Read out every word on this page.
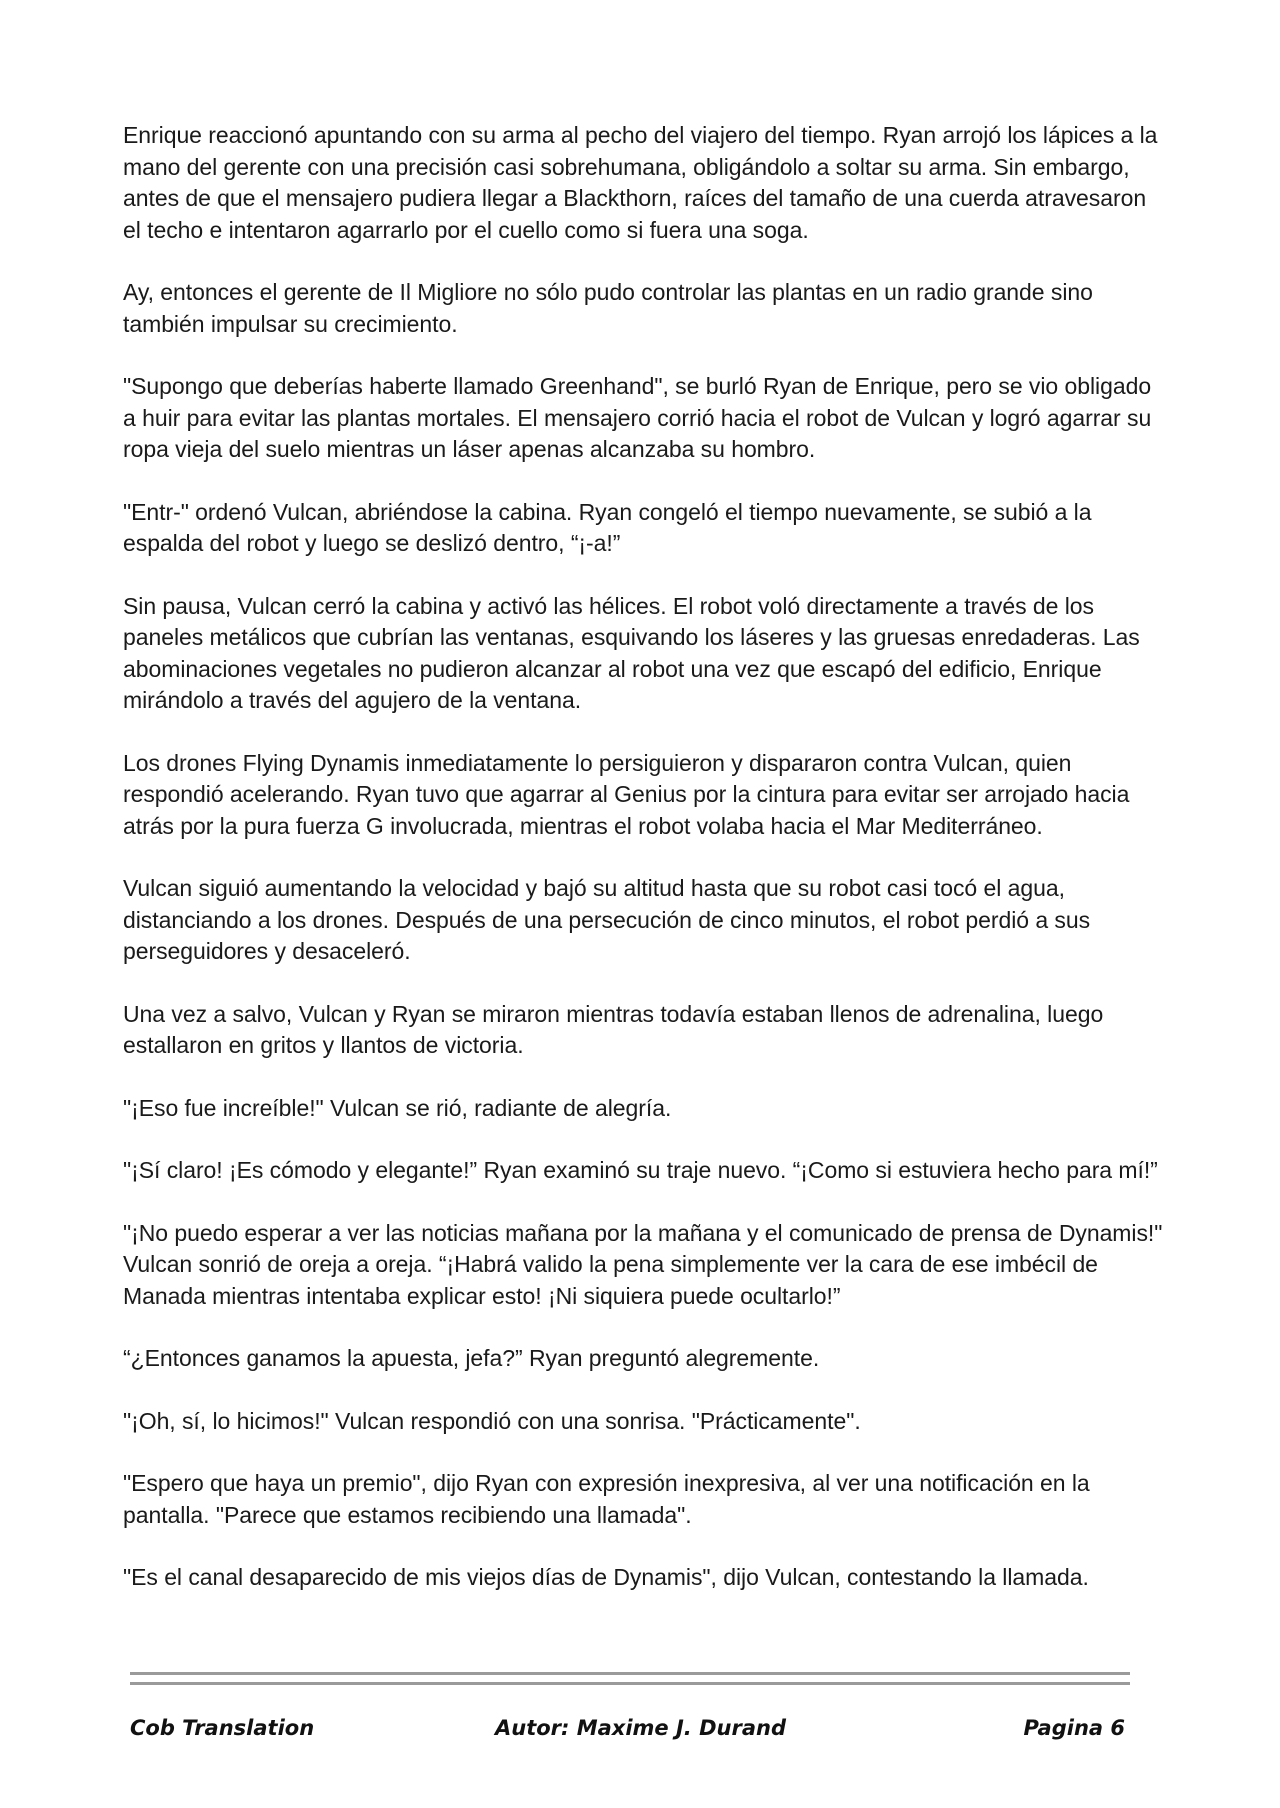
Enrique reaccionó apuntando con su arma al pecho del viajero del tiempo. Ryan arrojó los lápices a la mano del gerente con una precisión casi sobrehumana, obligándolo a soltar su arma. Sin embargo, antes de que el mensajero pudiera llegar a Blackthorn, raíces del tamaño de una cuerda atravesaron el techo e intentaron agarrarlo por el cuello como si fuera una soga.

Ay, entonces el gerente de Il Migliore no sólo pudo controlar las plantas en un radio grande sino también impulsar su crecimiento.

"Supongo que deberías haberte llamado Greenhand", se burló Ryan de Enrique, pero se vio obligado a huir para evitar las plantas mortales. El mensajero corrió hacia el robot de Vulcan y logró agarrar su ropa vieja del suelo mientras un láser apenas alcanzaba su hombro.

"Entr-" ordenó Vulcan, abriéndose la cabina. Ryan congeló el tiempo nuevamente, se subió a la espalda del robot y luego se deslizó dentro, “¡-a!”

Sin pausa, Vulcan cerró la cabina y activó las hélices. El robot voló directamente a través de los paneles metálicos que cubrían las ventanas, esquivando los láseres y las gruesas enredaderas. Las abominaciones vegetales no pudieron alcanzar al robot una vez que escapó del edificio, Enrique mirándolo a través del agujero de la ventana.

Los drones Flying Dynamis inmediatamente lo persiguieron y dispararon contra Vulcan, quien respondió acelerando. Ryan tuvo que agarrar al Genius por la cintura para evitar ser arrojado hacia atrás por la pura fuerza G involucrada, mientras el robot volaba hacia el Mar Mediterráneo.

Vulcan siguió aumentando la velocidad y bajó su altitud hasta que su robot casi tocó el agua, distanciando a los drones. Después de una persecución de cinco minutos, el robot perdió a sus perseguidores y desaceleró.

Una vez a salvo, Vulcan y Ryan se miraron mientras todavía estaban llenos de adrenalina, luego estallaron en gritos y llantos de victoria.

"¡Eso fue increíble!" Vulcan se rió, radiante de alegría.

"¡Sí claro! ¡Es cómodo y elegante!” Ryan examinó su traje nuevo. “¡Como si estuviera hecho para mí!”

"¡No puedo esperar a ver las noticias mañana por la mañana y el comunicado de prensa de Dynamis!" Vulcan sonrió de oreja a oreja. “¡Habrá valido la pena simplemente ver la cara de ese imbécil de Manada mientras intentaba explicar esto! ¡Ni siquiera puede ocultarlo!”

“¿Entonces ganamos la apuesta, jefa?” Ryan preguntó alegremente.

"¡Oh, sí, lo hicimos!" Vulcan respondió con una sonrisa. "Prácticamente".

"Espero que haya un premio", dijo Ryan con expresión inexpresiva, al ver una notificación en la pantalla. "Parece que estamos recibiendo una llamada".

"Es el canal desaparecido de mis viejos días de Dynamis", dijo Vulcan, contestando la llamada.

Cob Translation	Autor: Maxime J. Durand	Pagina 6
